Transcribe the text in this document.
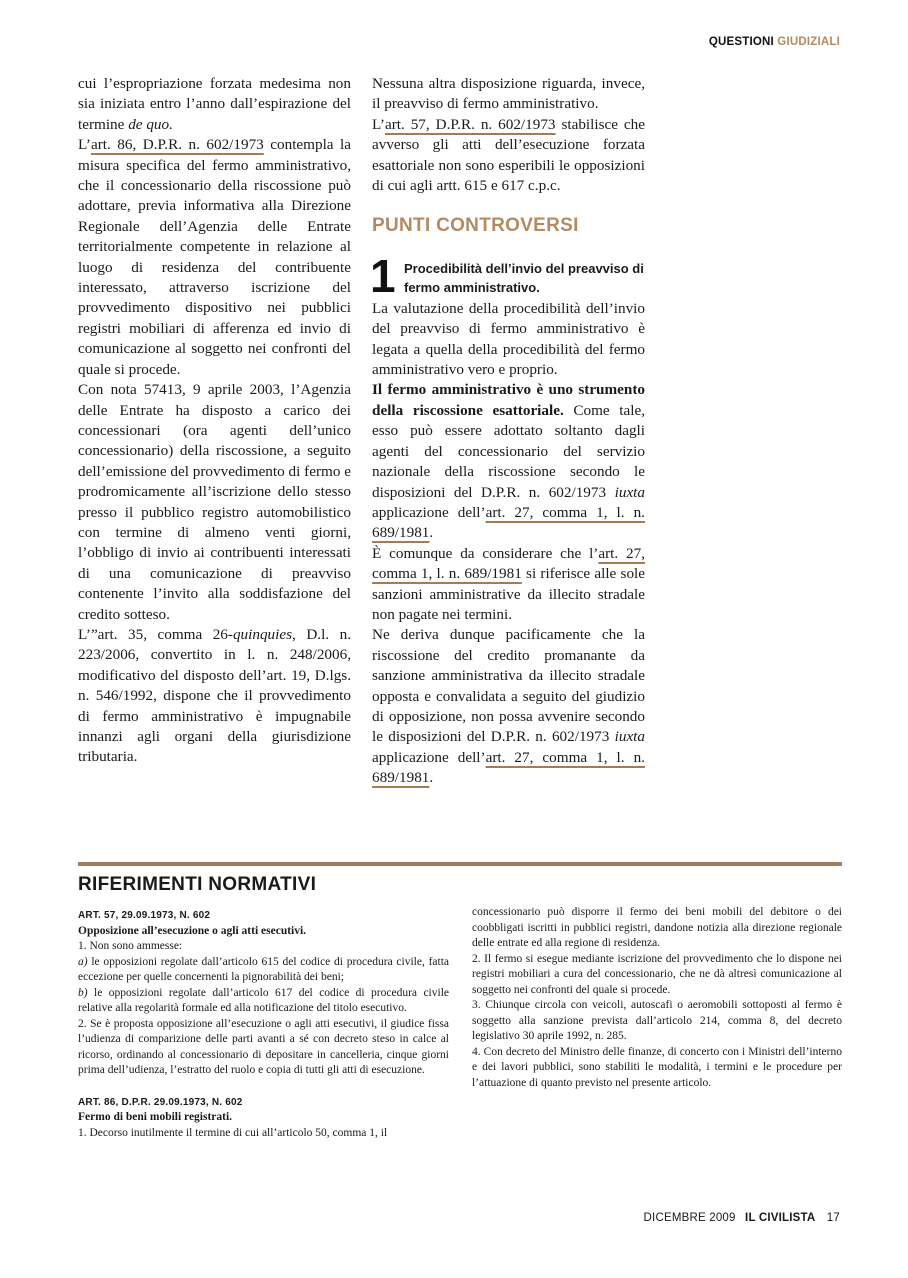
QUESTIONI GIUDIZIALI

cui l’espropriazione forzata medesima non sia iniziata entro l’anno dall’espirazione del termine de quo.

L’art. 86, D.P.R. n. 602/1973 contempla la misura specifica del fermo amministrativo, che il concessionario della riscossione può adottare, previa informativa alla Direzione Regionale dell’Agenzia delle Entrate territorialmente competente in relazione al luogo di residenza del contribuente interessato, attraverso iscrizione del provvedimento dispositivo nei pubblici registri mobiliari di afferenza ed invio di comunicazione al soggetto nei confronti del quale si procede.

Con nota 57413, 9 aprile 2003, l’Agenzia delle Entrate ha disposto a carico dei concessionari (ora agenti dell’unico concessionario) della riscossione, a seguito dell’emissione del provvedimento di fermo e prodromicamente all’iscrizione dello stesso presso il pubblico registro automobilistico con termine di almeno venti giorni, l’obbligo di invio ai contribuenti interessati di una comunicazione di preavviso contenente l’invito alla soddisfazione del credito sotteso.

L’”art. 35, comma 26-quinquies, D.l. n. 223/2006, convertito in l. n. 248/2006, modificativo del disposto dell’art. 19, D.lgs. n. 546/1992, dispone che il provvedimento di fermo amministrativo è impugnabile innanzi agli organi della giurisdizione tributaria.

Nessuna altra disposizione riguarda, invece, il preavviso di fermo amministrativo.

L’art. 57, D.P.R. n. 602/1973 stabilisce che avverso gli atti dell’esecuzione forzata esattoriale non sono esperibili le opposizioni di cui agli artt. 615 e 617 c.p.c.

PUNTI CONTROVERSI
1 Procedibilità dell’invio del preavviso di fermo amministrativo.

La valutazione della procedibilità dell’invio del preavviso di fermo amministrativo è legata a quella della procedibilità del fermo amministrativo vero e proprio.

Il fermo amministrativo è uno strumento della riscossione esattoriale. Come tale, esso può essere adottato soltanto dagli agenti del concessionario del servizio nazionale della riscossione secondo le disposizioni del D.P.R. n. 602/1973 iuxta applicazione dell’art. 27, comma 1, l. n. 689/1981.

È comunque da considerare che l’art. 27, comma 1, l. n. 689/1981 si riferisce alle sole sanzioni amministrative da illecito stradale non pagate nei termini.

Ne deriva dunque pacificamente che la riscossione del credito promanante da sanzione amministrativa da illecito stradale opposta e convalidata a seguito del giudizio di opposizione, non possa avvenire secondo le disposizioni del D.P.R. n. 602/1973 iuxta applicazione dell’art. 27, comma 1, l. n. 689/1981.

RIFERIMENTI NORMATIVI
ART. 57, 29.09.1973, N. 602
Opposizione all’esecuzione o agli atti esecutivi.

1. Non sono ammesse:

a) le opposizioni regolate dall’articolo 615 del codice di procedura civile, fatta eccezione per quelle concernenti la pignorabilità dei beni;

b) le opposizioni regolate dall’articolo 617 del codice di procedura civile relative alla regolarità formale ed alla notificazione del titolo esecutivo.

2. Se è proposta opposizione all’esecuzione o agli atti esecutivi, il giudice fissa l’udienza di comparizione delle parti avanti a sé con decreto steso in calce al ricorso, ordinando al concessionario di depositare in cancelleria, cinque giorni prima dell’udienza, l’estratto del ruolo e copia di tutti gli atti di esecuzione.

ART. 86, D.P.R. 29.09.1973, N. 602
Fermo di beni mobili registrati.

1. Decorso inutilmente il termine di cui all’articolo 50, comma 1, il

concessionario può disporre il fermo dei beni mobili del debitore o dei coobbligati iscritti in pubblici registri, dandone notizia alla direzione regionale delle entrate ed alla regione di residenza.

2. Il fermo si esegue mediante iscrizione del provvedimento che lo dispone nei registri mobiliari a cura del concessionario, che ne dà altresì comunicazione al soggetto nei confronti del quale si procede.

3. Chiunque circola con veicoli, autoscafi o aeromobili sottoposti al fermo è soggetto alla sanzione prevista dall’articolo 214, comma 8, del decreto legislativo 30 aprile 1992, n. 285.

4. Con decreto del Ministro delle finanze, di concerto con i Ministri dell’interno e dei lavori pubblici, sono stabiliti le modalità, i termini e le procedure per l’attuazione di quanto previsto nel presente articolo.

DICEMBRE 2009 IL CIVILISTA 17
